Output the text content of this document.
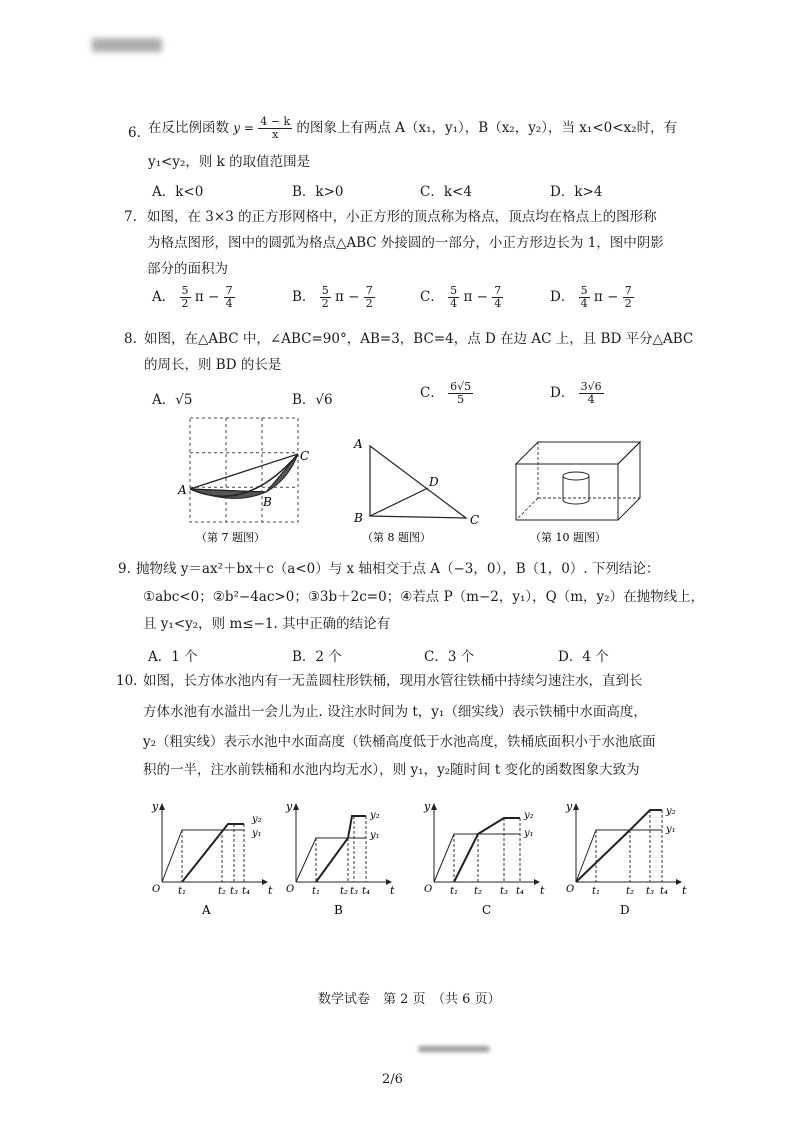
6. 在反比例函数 $y = \frac{4 - k}{x}$ 的图象上有两点 A（x₁，y₁），B（x₂，y₂），当 x₁<0<x₂时，有
y₁<y₂，则 k 的取值范围是
A．k<0	B．k>0	C．k<4	D．k>4
7. 如图，在 3×3 的正方形网格中，小正方形的顶点称为格点，顶点均在格点上的图形称
为格点图形，图中的圆弧为格点△ABC 外接圆的一部分，小正方形边长为 1，图中阴影
部分的面积为
A． $\frac{5}{2}$ $\pi - \frac{7}{4}$	B． $\frac{5}{2}$ $\pi - \frac{7}{2}$	C． $\frac{5}{4}$ $\pi - \frac{7}{4}$	D． $\frac{5}{4}$ $\pi - \frac{7}{2}$
8. 如图，在△ABC 中，∠ABC=90°，AB=3，BC=4，点 D 在边 AC 上，且 BD 平分△ABC
的周长，则 BD 的长是
A．√5	B．√6	C． $\frac{6√5}{5}$	D． $\frac{3√6}{4}$
A
B
C
（第 7 题图）
A
B	C
D
（第 8 题图）	（第 10 题图）
9. 抛物线 y＝ax²＋bx＋c（a<0）与 x 轴相交于点 A（−3，0），B（1，0）. 下列结论：
①abc<0；②b²−4ac>0；③3b＋2c=0；④若点 P（m−2，y₁），Q（m，y₂）在抛物线上，
且 y₁<y₂，则 m≤−1. 其中正确的结论有
A．1 个	B．2 个	C．3 个	D．4 个
10. 如图，长方体水池内有一无盖圆柱形铁桶，现用水管往铁桶中持续匀速注水，直到长
方体水池有水溢出一会儿为止. 设注水时间为 t，y₁（细实线）表示铁桶中水面高度，
y₂（粗实线）表示水池中水面高度（铁桶高度低于水池高度，铁桶底面积小于水池底面
积的一半，注水前铁桶和水池内均无水），则 y₁，y₂随时间 t 变化的函数图象大致为
y
O	t
y₂
y₁
t₁	t₂ t₃ t₄
A
y
O	t
y₂
y₁
t₁ t₂ t₃ t₄
B
y
O	t
y₂
y₁
t₁ t₂ t₃ t₄
C
y
O	t
y₂
y₁
t₁	t₂ t₃ t₄
D
数学试卷　第 2 页　（共 6 页）
2/6
